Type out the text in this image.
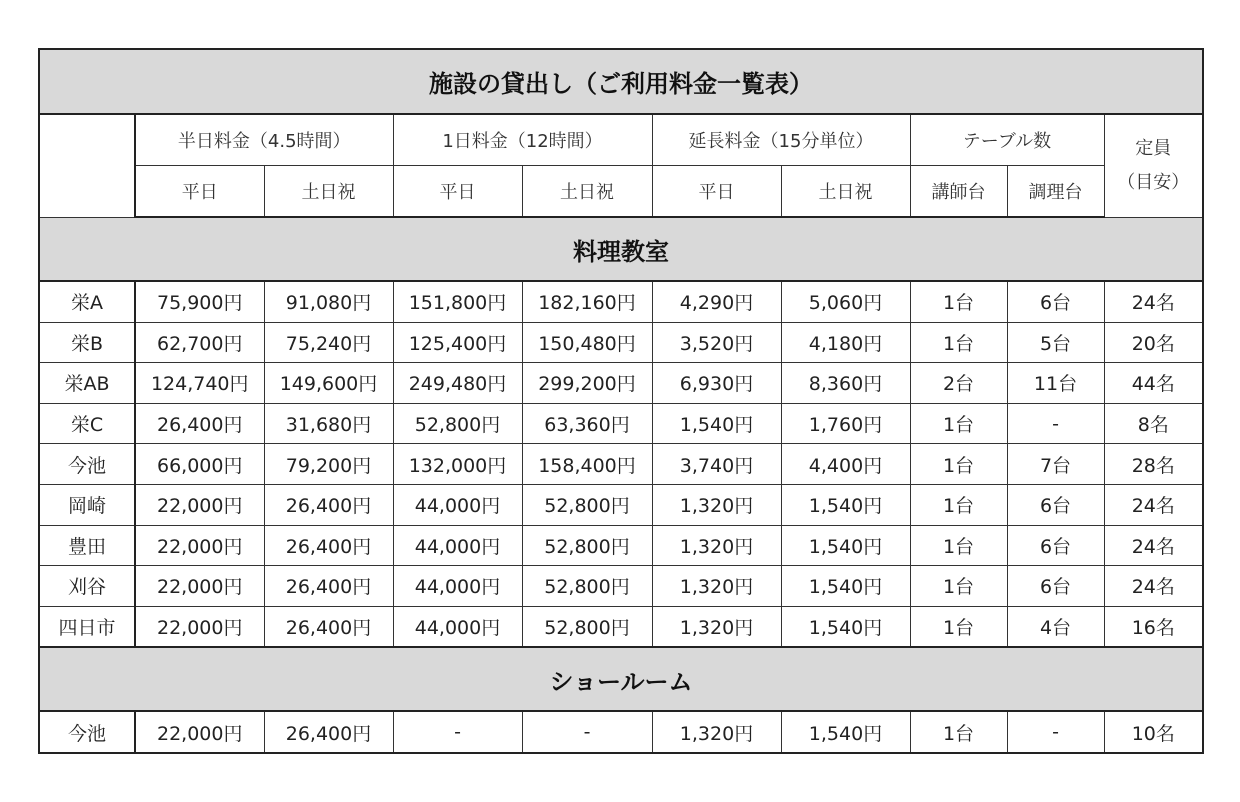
施設の貸出し（ご利用料金一覧表）									
	半日料金（4.5時間）		1日料金（12時間）		延長料金（15分単位）		テーブル数		定員
（目安）
	平日	土日祝	平日	土日祝	平日	土日祝	講師台	調理台	
料理教室									
栄A	75,900円	91,080円	151,800円	182,160円	4,290円	5,060円	1台	6台	24名
栄B	62,700円	75,240円	125,400円	150,480円	3,520円	4,180円	1台	5台	20名
栄AB	124,740円	149,600円	249,480円	299,200円	6,930円	8,360円	2台	11台	44名
栄C	26,400円	31,680円	52,800円	63,360円	1,540円	1,760円	1台	-	8名
今池	66,000円	79,200円	132,000円	158,400円	3,740円	4,400円	1台	7台	28名
岡崎	22,000円	26,400円	44,000円	52,800円	1,320円	1,540円	1台	6台	24名
豊田	22,000円	26,400円	44,000円	52,800円	1,320円	1,540円	1台	6台	24名
刈谷	22,000円	26,400円	44,000円	52,800円	1,320円	1,540円	1台	6台	24名
四日市	22,000円	26,400円	44,000円	52,800円	1,320円	1,540円	1台	4台	16名
ショールーム									
今池	22,000円	26,400円	-	-	1,320円	1,540円	1台	-	10名
